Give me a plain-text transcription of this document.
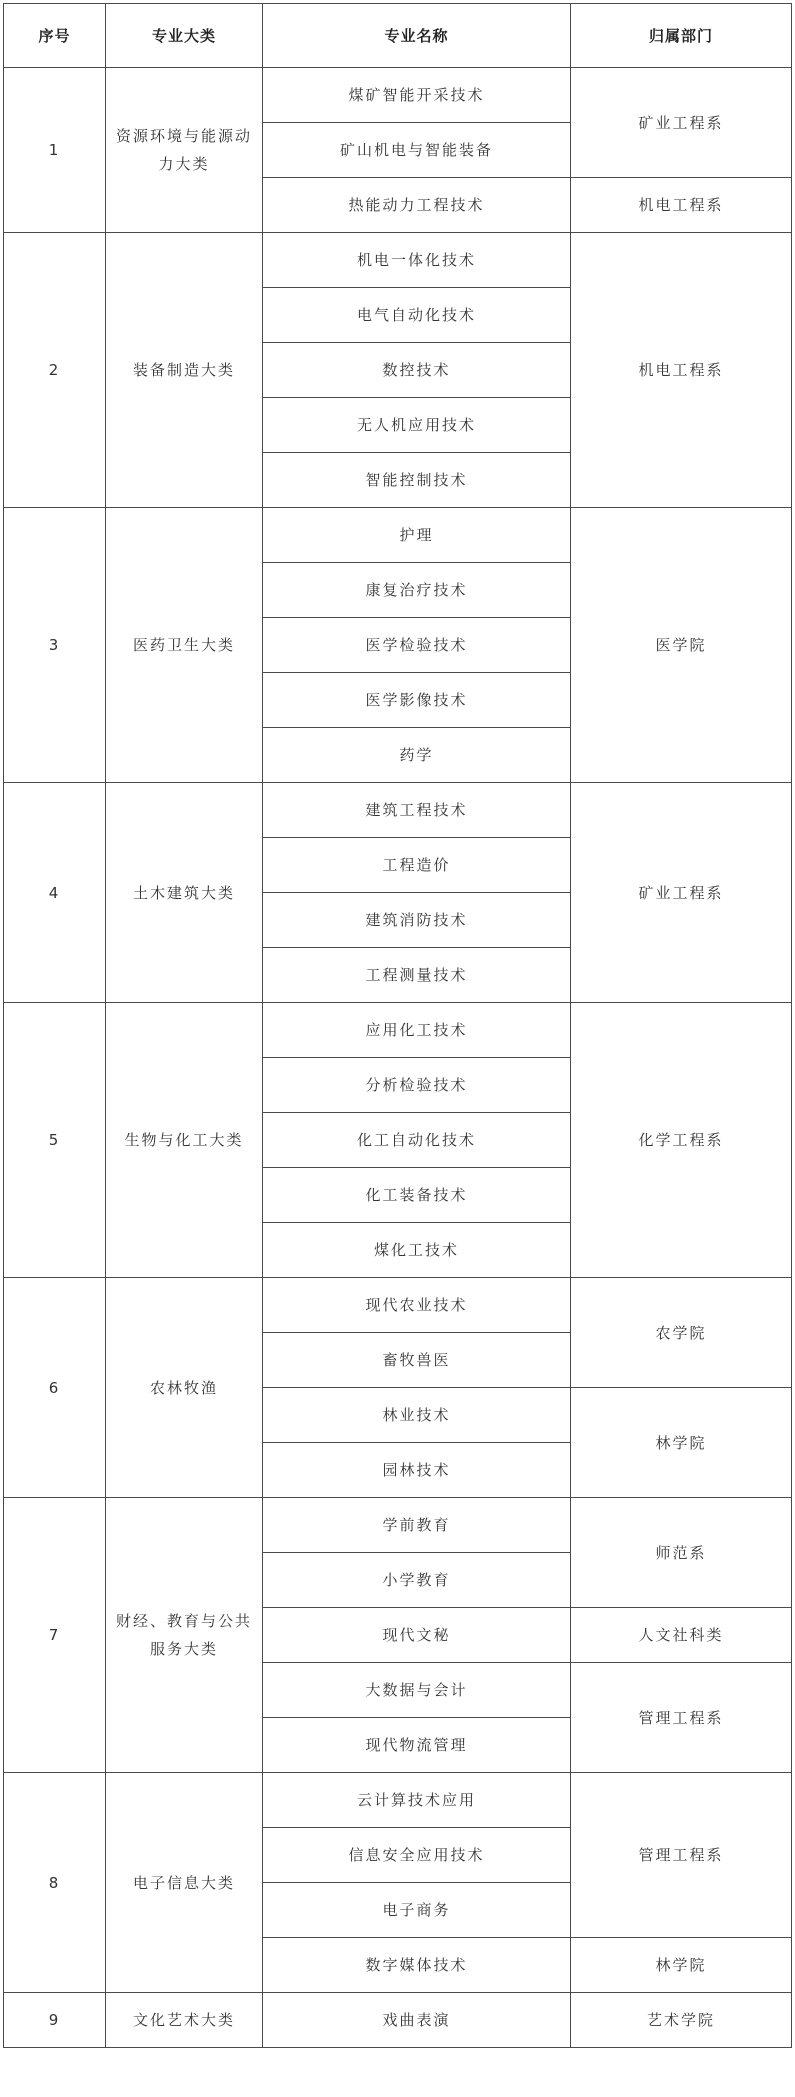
序号	专业大类	专业名称	归属部门
1	资源环境与能源动力大类	煤矿智能开采技术	矿业工程系
		矿山机电与智能装备	
		热能动力工程技术	机电工程系
2	装备制造大类	机电一体化技术	机电工程系
		电气自动化技术	
		数控技术	
		无人机应用技术	
		智能控制技术	
3	医药卫生大类	护理	医学院
		康复治疗技术	
		医学检验技术	
		医学影像技术	
		药学	
4	土木建筑大类	建筑工程技术	矿业工程系
		工程造价	
		建筑消防技术	
		工程测量技术	
5	生物与化工大类	应用化工技术	化学工程系
		分析检验技术	
		化工自动化技术	
		化工装备技术	
		煤化工技术	
6	农林牧渔	现代农业技术	农学院
		畜牧兽医	
		林业技术	林学院
		园林技术	
7	财经、教育与公共服务大类	学前教育	师范系
		小学教育	
		现代文秘	人文社科类
		大数据与会计	管理工程系
		现代物流管理	
8	电子信息大类	云计算技术应用	管理工程系
		信息安全应用技术	
		电子商务	
		数字媒体技术	林学院
9	文化艺术大类	戏曲表演	艺术学院
